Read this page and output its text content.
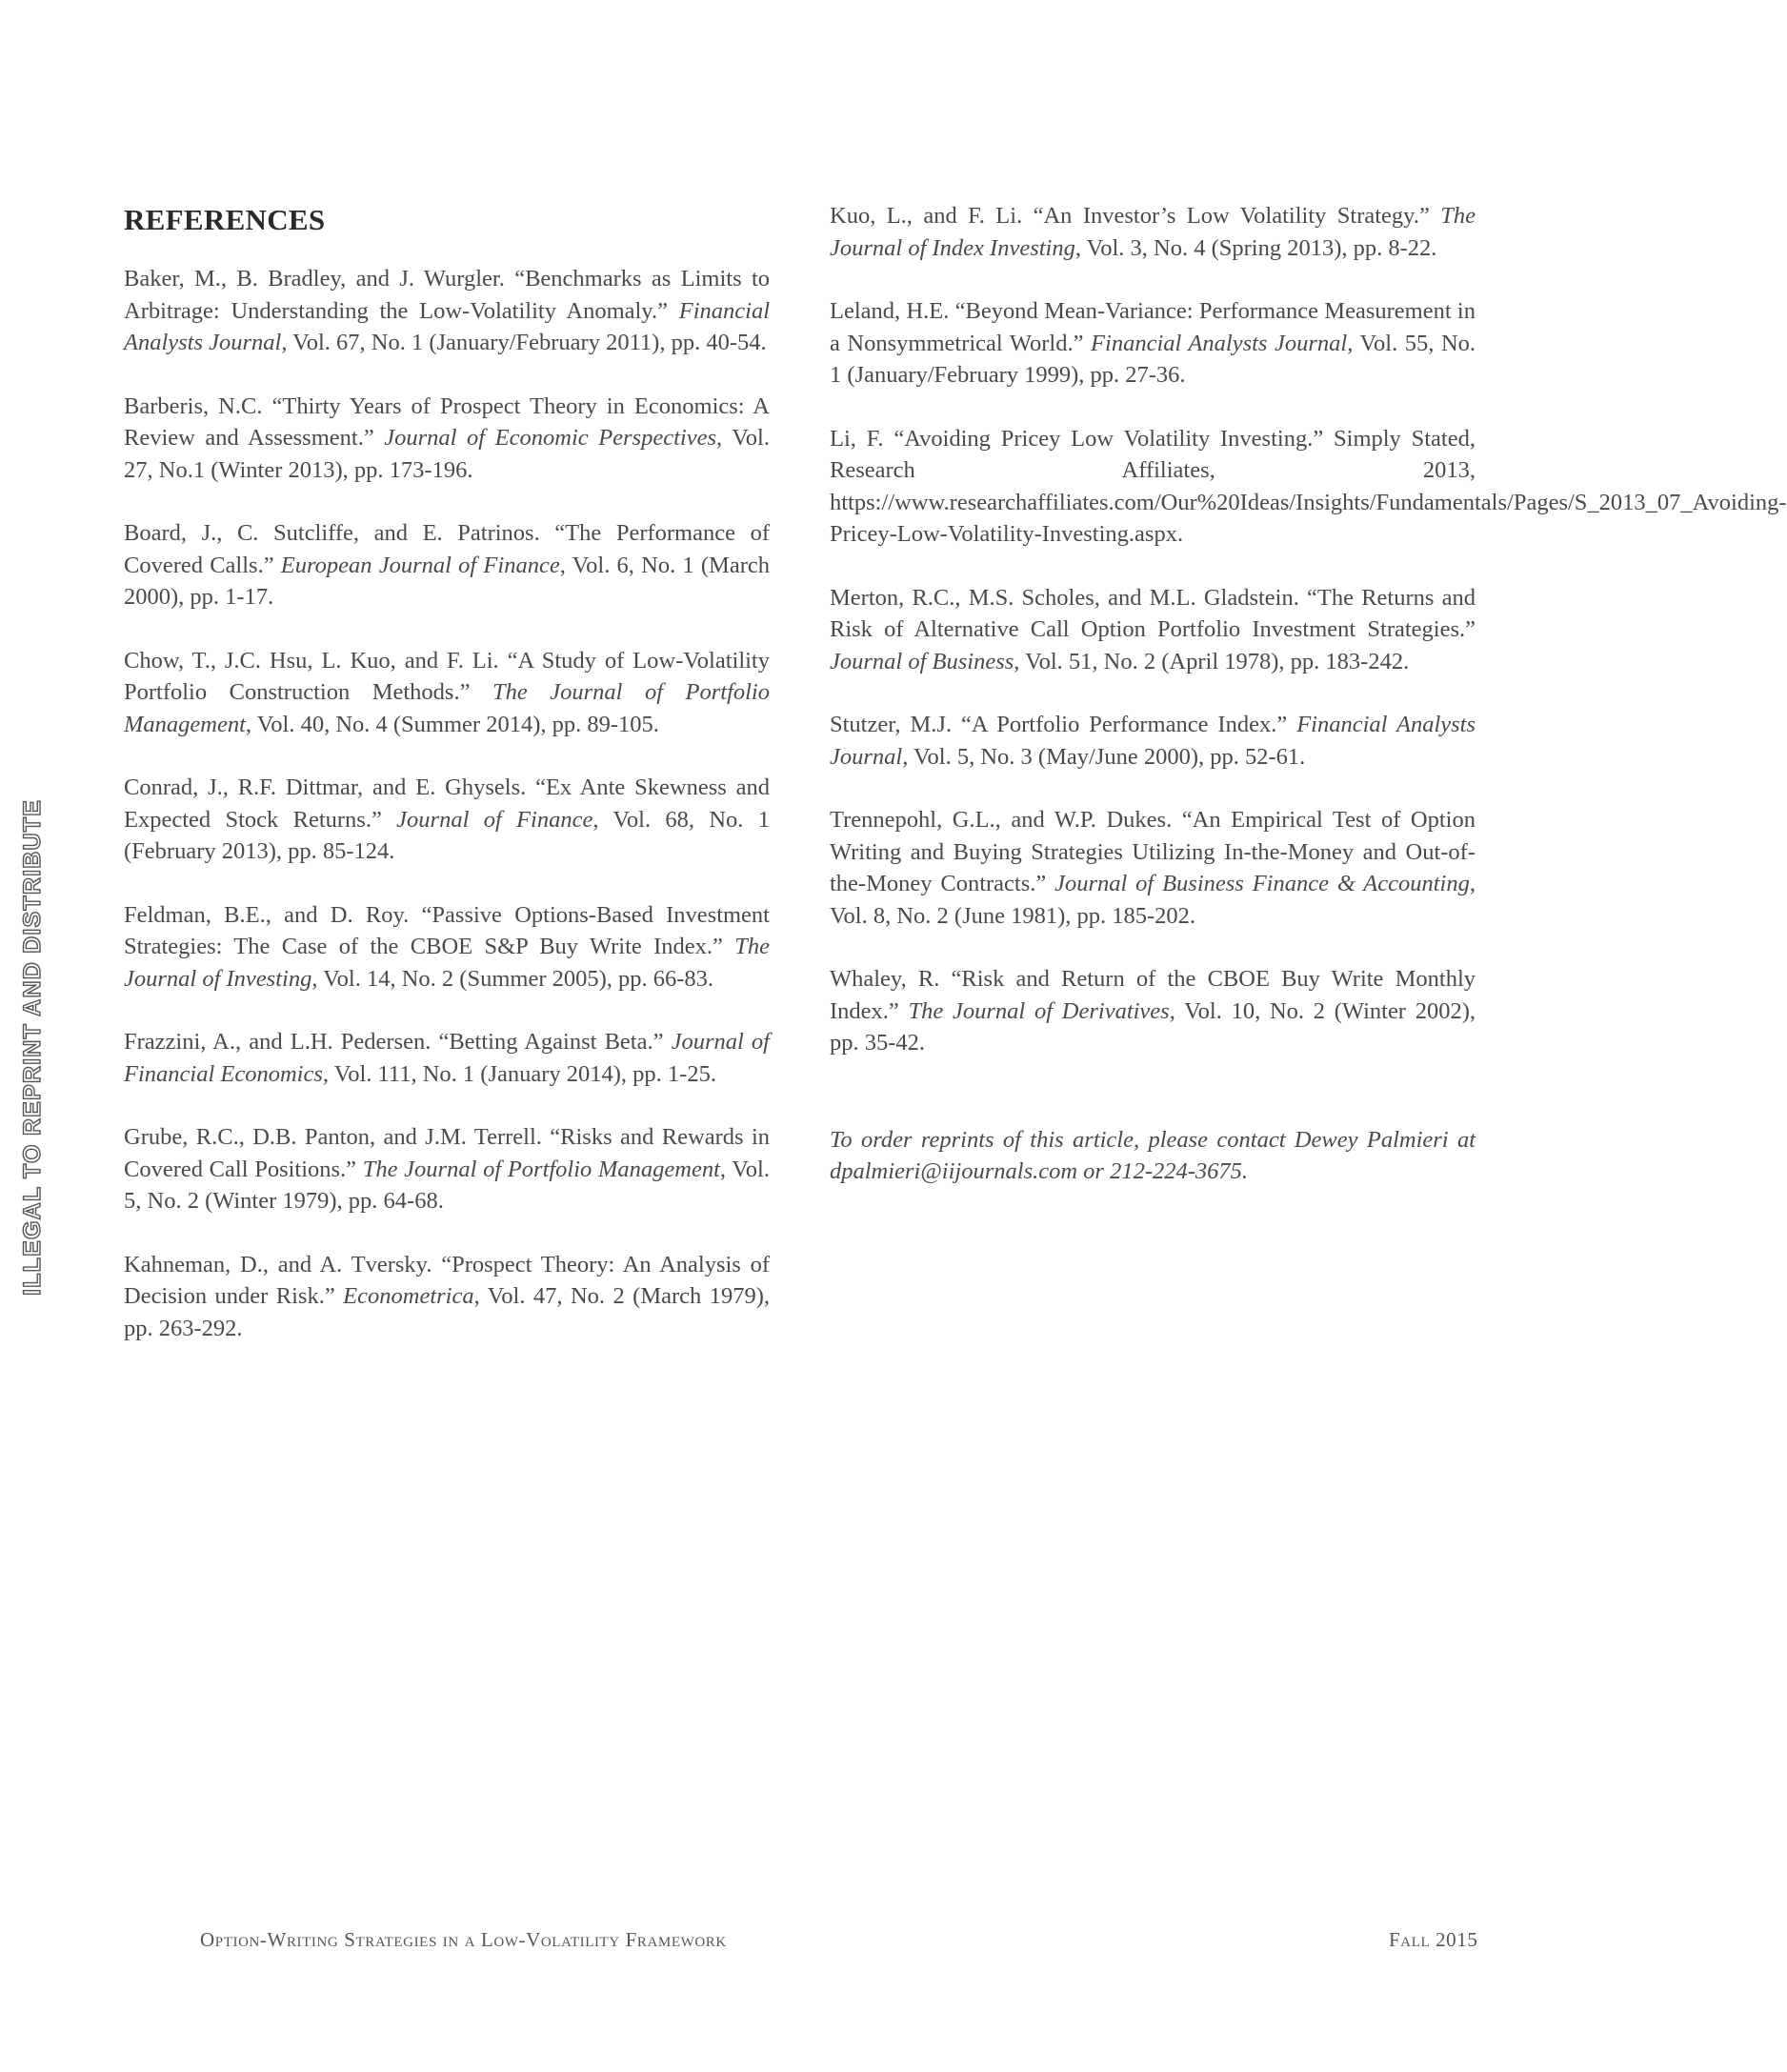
ILLEGAL TO REPRINT AND DISTRIBUTE
REFERENCES

Baker, M., B. Bradley, and J. Wurgler. “Benchmarks as Limits to Arbitrage: Understanding the Low-Volatility Anomaly.” Financial Analysts Journal, Vol. 67, No. 1 (January/February 2011), pp. 40-54.

Barberis, N.C. “Thirty Years of Prospect Theory in Economics: A Review and Assessment.” Journal of Economic Perspectives, Vol. 27, No.1 (Winter 2013), pp. 173-196.

Board, J., C. Sutcliffe, and E. Patrinos. “The Performance of Covered Calls.” European Journal of Finance, Vol. 6, No. 1 (March 2000), pp. 1-17.

Chow, T., J.C. Hsu, L. Kuo, and F. Li. “A Study of Low-Volatility Portfolio Construction Methods.” The Journal of Portfolio Management, Vol. 40, No. 4 (Summer 2014), pp. 89-105.

Conrad, J., R.F. Dittmar, and E. Ghysels. “Ex Ante Skewness and Expected Stock Returns.” Journal of Finance, Vol. 68, No. 1 (February 2013), pp. 85-124.

Feldman, B.E., and D. Roy. “Passive Options-Based Investment Strategies: The Case of the CBOE S&P Buy Write Index.” The Journal of Investing, Vol. 14, No. 2 (Summer 2005), pp. 66-83.

Frazzini, A., and L.H. Pedersen. “Betting Against Beta.” Journal of Financial Economics, Vol. 111, No. 1 (January 2014), pp. 1-25.

Grube, R.C., D.B. Panton, and J.M. Terrell. “Risks and Rewards in Covered Call Positions.” The Journal of Portfolio Management, Vol. 5, No. 2 (Winter 1979), pp. 64-68.

Kahneman, D., and A. Tversky. “Prospect Theory: An Analysis of Decision under Risk.” Econometrica, Vol. 47, No. 2 (March 1979), pp. 263-292.

Kuo, L., and F. Li. “An Investor’s Low Volatility Strategy.” The Journal of Index Investing, Vol. 3, No. 4 (Spring 2013), pp. 8-22.

Leland, H.E. “Beyond Mean-Variance: Performance Measurement in a Nonsymmetrical World.” Financial Analysts Journal, Vol. 55, No. 1 (January/February 1999), pp. 27-36.

Li, F. “Avoiding Pricey Low Volatility Investing.” Simply Stated, Research Affiliates, 2013, https://www.researchaffiliates.com/Our%20Ideas/Insights/Fundamentals/Pages/S_2013_07_Avoiding-Pricey-Low-Volatility-Investing.aspx.

Merton, R.C., M.S. Scholes, and M.L. Gladstein. “The Returns and Risk of Alternative Call Option Portfolio Investment Strategies.” Journal of Business, Vol. 51, No. 2 (April 1978), pp. 183-242.

Stutzer, M.J. “A Portfolio Performance Index.” Financial Analysts Journal, Vol. 5, No. 3 (May/June 2000), pp. 52-61.

Trennepohl, G.L., and W.P. Dukes. “An Empirical Test of Option Writing and Buying Strategies Utilizing In-the-Money and Out-of-the-Money Contracts.” Journal of Business Finance & Accounting, Vol. 8, No. 2 (June 1981), pp. 185-202.

Whaley, R. “Risk and Return of the CBOE Buy Write Monthly Index.” The Journal of Derivatives, Vol. 10, No. 2 (Winter 2002), pp. 35-42.

To order reprints of this article, please contact Dewey Palmieri at dpalmieri@iijournals.com or 212-224-3675.
Option-Writing Strategies in a Low-Volatility Framework	Fall 2015
